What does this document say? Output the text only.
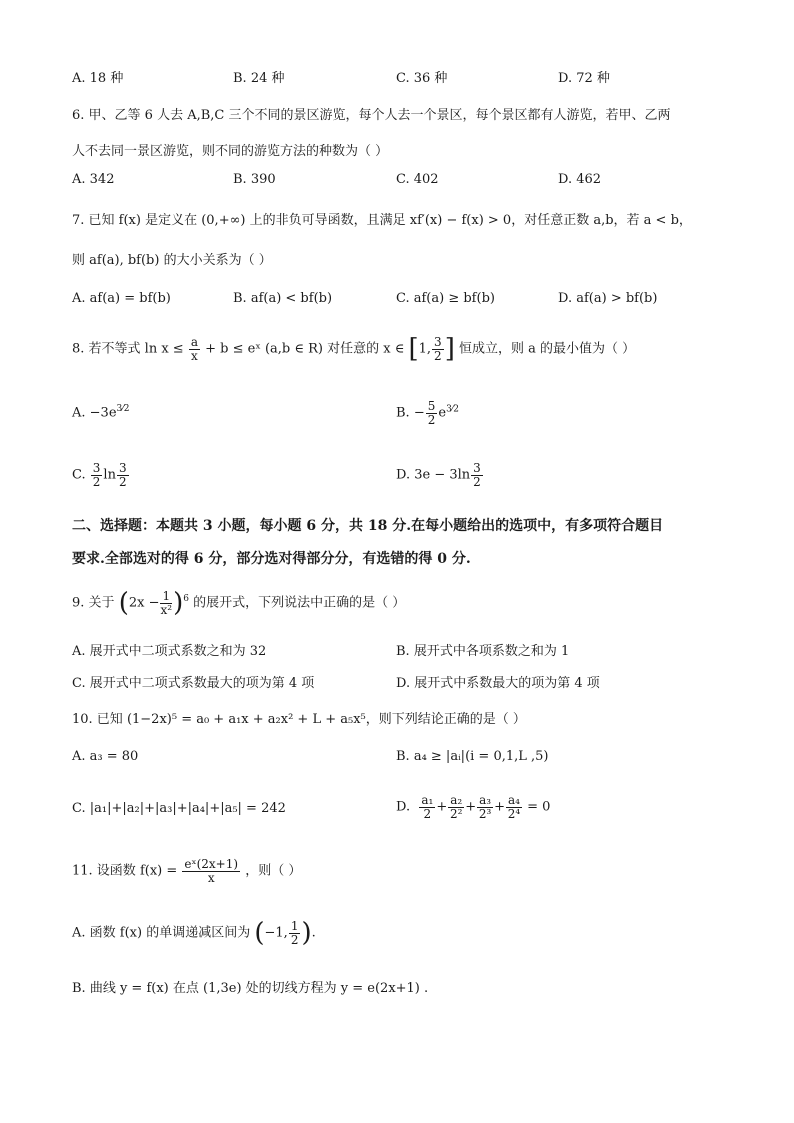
A. 18 种	B. 24 种	C. 36 种	D. 72 种
6. 甲、乙等 6 人去 A,B,C 三个不同的景区游览，每个人去一个景区，每个景区都有人游览，若甲、乙两
人不去同一景区游览，则不同的游览方法的种数为（ ）
A. 342	B. 390	C. 402	D. 462
7. 已知 f(x) 是定义在 (0,+∞) 上的非负可导函数，且满足 xf′(x) − f(x) > 0，对任意正数 a,b，若 a < b，
则 af(a), bf(b) 的大小关系为（ ）
A. af(a) = bf(b)	B. af(a) < bf(b)	C. af(a) ≥ bf(b)	D. af(a) > bf(b)
8. 若不等式 $\ln x \le \frac{a}{x} + b$ ≤ eˣ (a,b ∈ R) 对任意的 x ∈ [1, $\frac{3}{2}$ ] 恒成立，则 a 的最小值为（ ）
A. $-3e^{3⁄2}$	B. − $\frac{5}{2} e^{3⁄2}$
C. $\frac{3}{2}$ $\ln \frac{3}{2}$	D. $3e - 3\ln \frac{3}{2}$
二、选择题：本题共 3 小题，每小题 6 分，共 18 分.在每小题给出的选项中，有多项符合题目
要求.全部选对的得 6 分，部分选对得部分分，有选错的得 0 分.
9. 关于 $(2x - \frac{1}{\text{x²}} )^6$ 的展开式，下列说法中正确的是（ ）
A. 展开式中二项式系数之和为 32	B. 展开式中各项系数之和为 1
C. 展开式中二项式系数最大的项为第 4 项	D. 展开式中系数最大的项为第 4 项
10. 已知 (1−2x)⁵ = a₀ + a₁x + a₂x² + L + a₅x⁵，则下列结论正确的是（ ）
A. a₃ = 80	B. a₄ ≥ |aᵢ|(i = 0,1,L ,5)
C. |a₁|+|a₂|+|a₃|+|a₄|+|a₅| = 242	D. $\frac{\text{a₁}}{2} + \frac{\text{a₂}}{\text{2²}} + \frac{\text{a₃}}{\text{2³}} + \frac{\text{a₄}}{\text{2⁴}} = 0$
11. 设函数 $f(x) = \frac{\text{eˣ(2x+1)}}{x}$ ，则（ ）
A. 函数 f(x) 的单调递减区间为 (−1, $\frac{1}{2}$ ).
B. 曲线 y = f(x) 在点 (1,3e) 处的切线方程为 y = e(2x+1) .
